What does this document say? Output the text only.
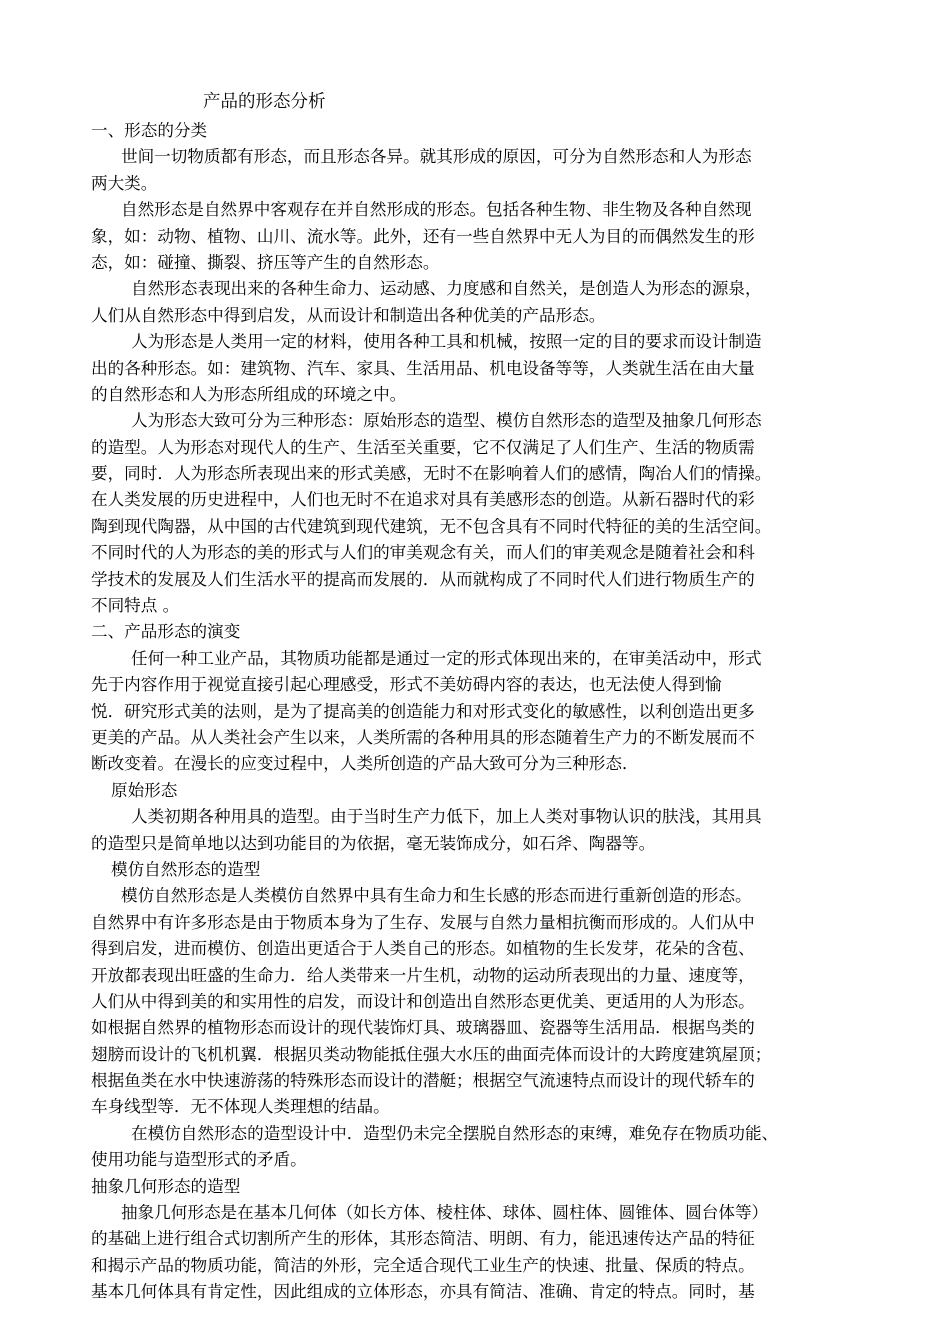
产品的形态分析
一、形态的分类
世间一切物质都有形态，而且形态各异。就其形成的原因，可分为自然形态和人为形态
两大类。
自然形态是自然界中客观存在并自然形成的形态。包括各种生物、非生物及各种自然现
象，如：动物、植物、山川、流水等。此外，还有一些自然界中无人为目的而偶然发生的形
态，如：碰撞、撕裂、挤压等产生的自然形态。
自然形态表现出来的各种生命力、运动感、力度感和自然关，是创造人为形态的源泉，
人们从自然形态中得到启发，从而设计和制造出各种优美的产品形态。
人为形态是人类用一定的材料，使用各种工具和机械，按照一定的目的要求而设计制造
出的各种形态。如：建筑物、汽车、家具、生活用品、机电设备等等，人类就生活在由大量
的自然形态和人为形态所组成的环境之中。
人为形态大致可分为三种形态：原始形态的造型、模仿自然形态的造型及抽象几何形态
的造型。人为形态对现代人的生产、生活至关重要，它不仅满足了人们生产、生活的物质需
要，同时．人为形态所表现出来的形式美感，无时不在影响着人们的感情，陶冶人们的情操。
在人类发展的历史进程中，人们也无时不在追求对具有美感形态的创造。从新石器时代的彩
陶到现代陶器，从中国的古代建筑到现代建筑，无不包含具有不同时代特征的美的生活空间。
不同时代的人为形态的美的形式与人们的审美观念有关，而人们的审美观念是随着社会和科
学技术的发展及人们生活水平的提高而发展的．从而就构成了不同时代人们进行物质生产的
不同特点 。
二、产品形态的演变
任何一种工业产品，其物质功能都是通过一定的形式体现出来的，在审美活动中，形式
先于内容作用于视觉直接引起心理感受，形式不美妨碍内容的表达，也无法使人得到愉
悦．研究形式美的法则，是为了提高美的创造能力和对形式变化的敏感性，以利创造出更多
更美的产品。从人类社会产生以来，人类所需的各种用具的形态随着生产力的不断发展而不
断改变着。在漫长的应变过程中，人类所创造的产品大致可分为三种形态．
原始形态
人类初期各种用具的造型。由于当时生产力低下，加上人类对事物认识的肤浅，其用具
的造型只是简单地以达到功能目的为依据，毫无装饰成分，如石斧、陶器等。
模仿自然形态的造型
模仿自然形态是人类模仿自然界中具有生命力和生长感的形态而进行重新创造的形态。
自然界中有许多形态是由于物质本身为了生存、发展与自然力量相抗衡而形成的。人们从中
得到启发，进而模仿、创造出更适合于人类自己的形态。如植物的生长发芽，花朵的含苞、
开放都表现出旺盛的生命力．给人类带来一片生机，动物的运动所表现出的力量、速度等，
人们从中得到美的和实用性的启发，而设计和创造出自然形态更优美、更适用的人为形态。
如根据自然界的植物形态而设计的现代装饰灯具、玻璃器皿、瓷器等生活用品．根据鸟类的
翅膀而设计的飞机机翼．根据贝类动物能抵住强大水压的曲面壳体而设计的大跨度建筑屋顶；
根据鱼类在水中快速游荡的特殊形态而设计的潜艇；根据空气流速特点而设计的现代轿车的
车身线型等．无不体现人类理想的结晶。
在模仿自然形态的造型设计中．造型仍未完全摆脱自然形态的束缚，难免存在物质功能、
使用功能与造型形式的矛盾。
抽象几何形态的造型
抽象几何形态是在基本几何体（如长方体、棱柱体、球体、圆柱体、圆锥体、圆台体等）
的基础上进行组合式切割所产生的形体，其形态简洁、明朗、有力，能迅速传达产品的特征
和揭示产品的物质功能，简洁的外形，完全适合现代工业生产的快速、批量、保质的特点。
基本几何体具有肯定性，因此组成的立体形态，亦具有简洁、准确、肯定的特点。同时，基
